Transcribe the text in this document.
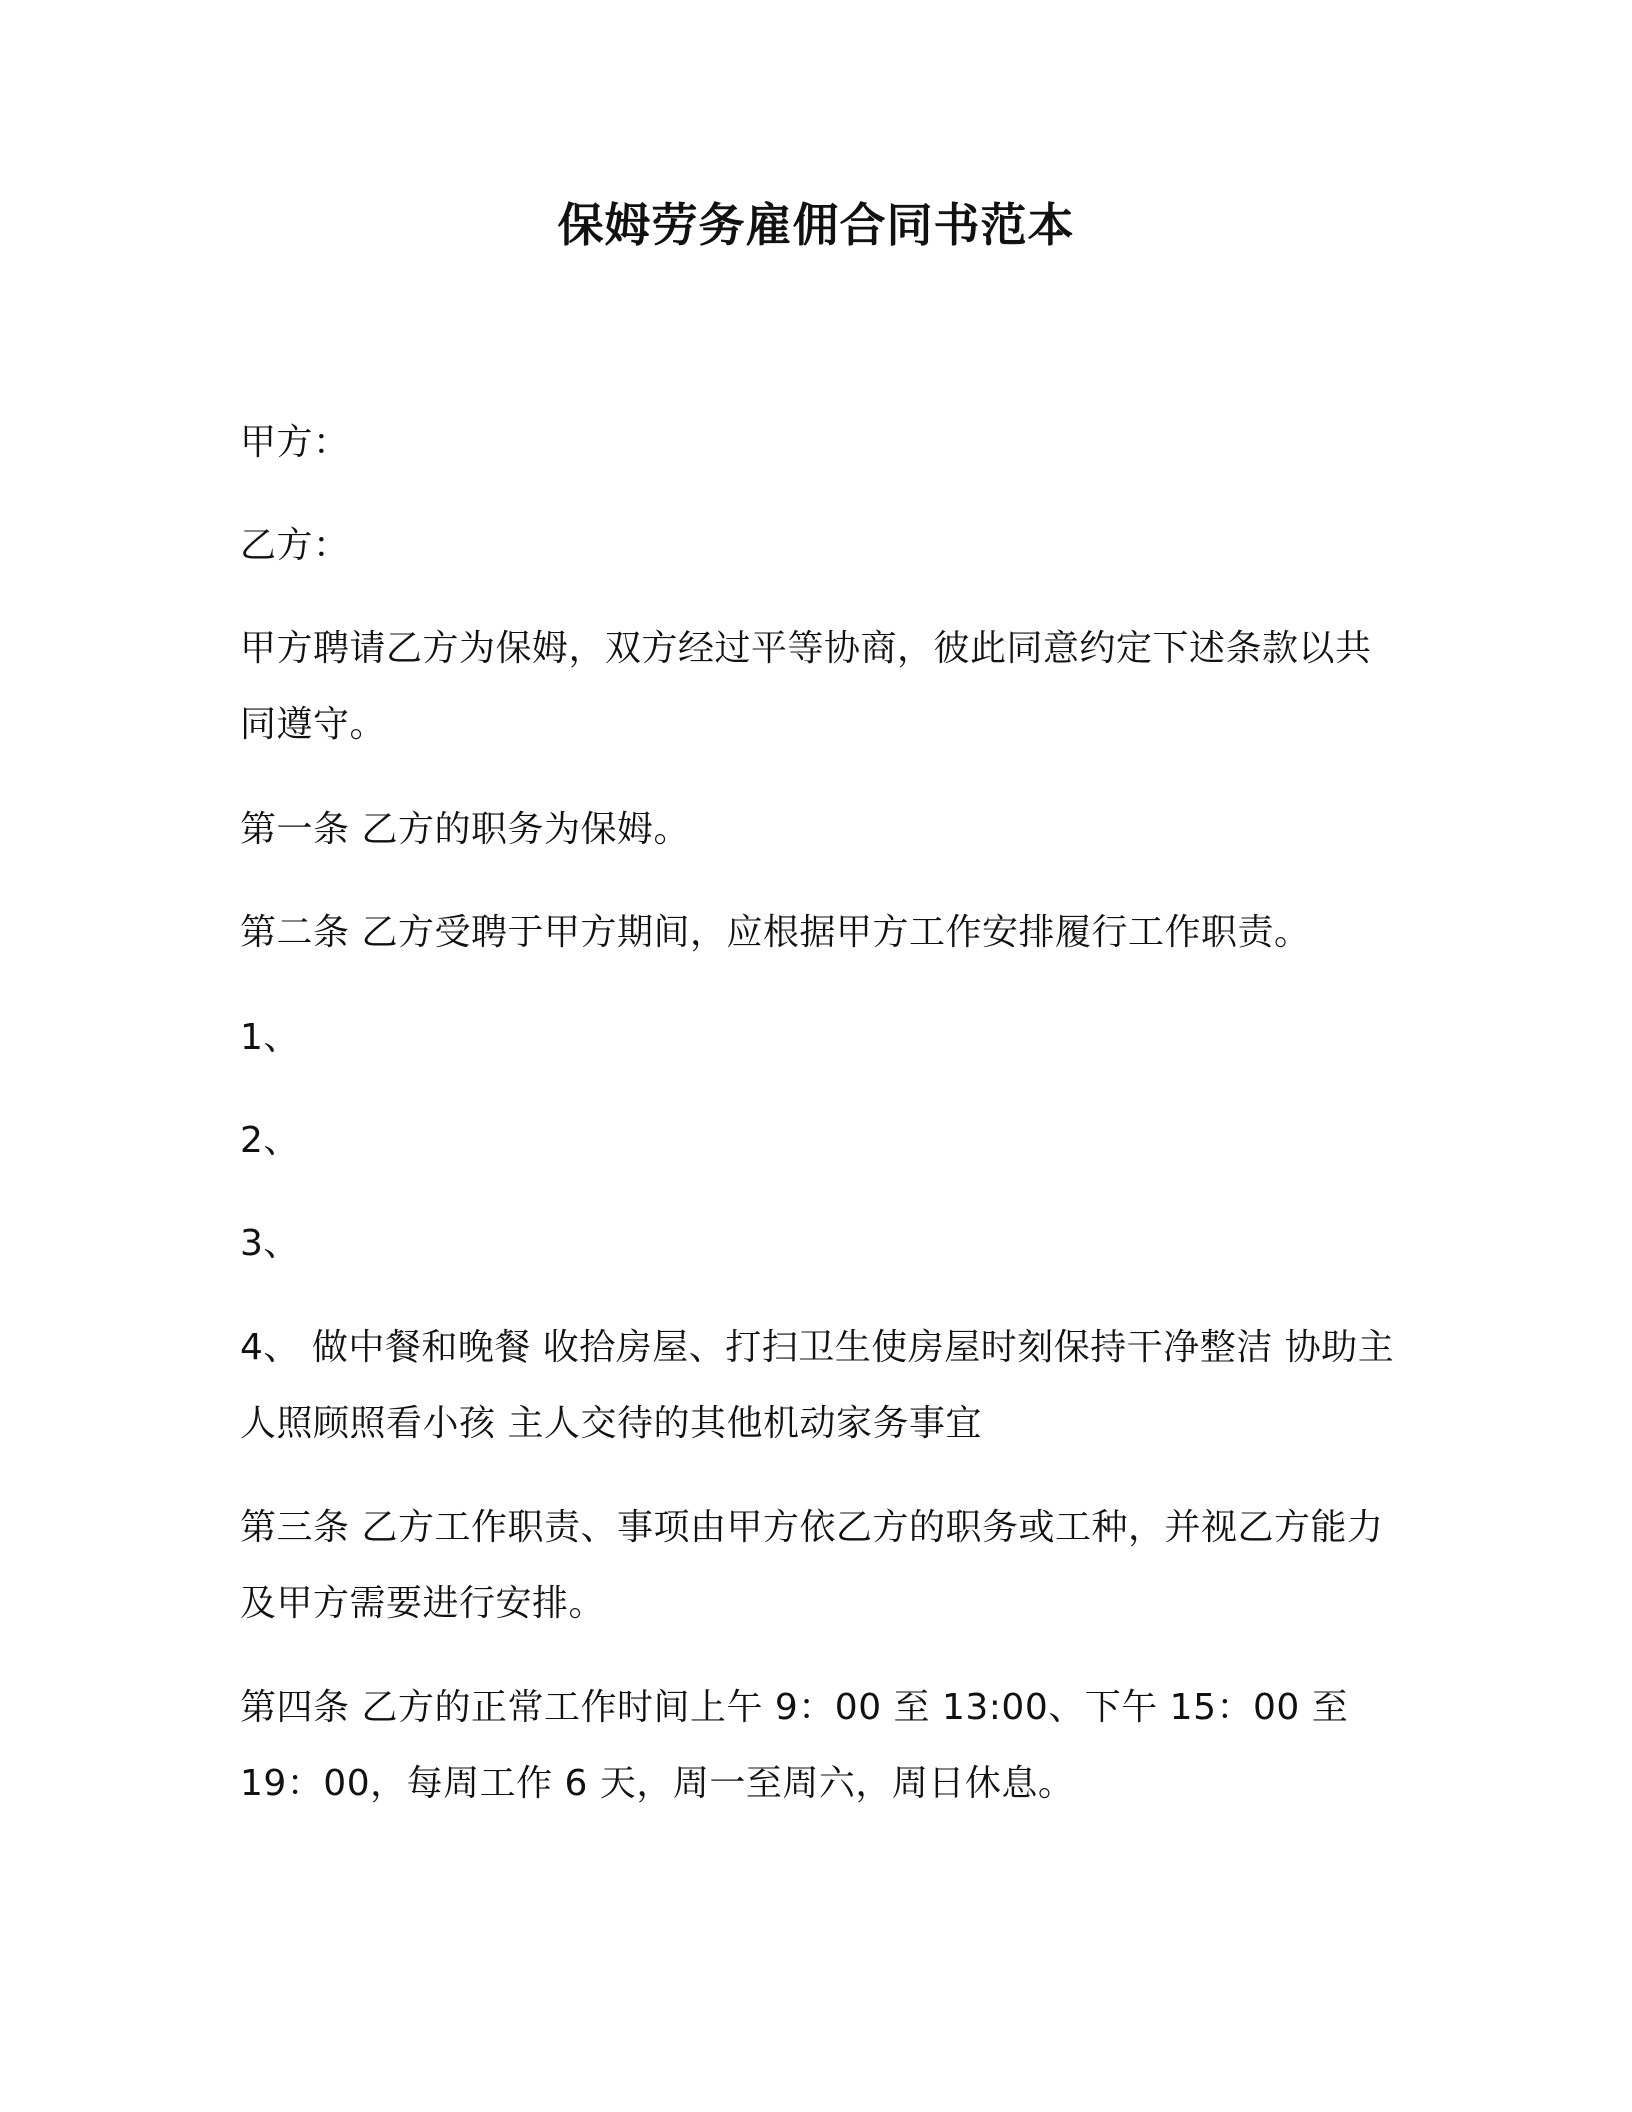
保姆劳务雇佣合同书范本
甲方：
乙方：
甲方聘请乙方为保姆，双方经过平等协商，彼此同意约定下述条款以共同遵守。
第一条 乙方的职务为保姆。
第二条 乙方受聘于甲方期间，应根据甲方工作安排履行工作职责。
1、
2、
3、
4、 做中餐和晚餐 收拾房屋、打扫卫生使房屋时刻保持干净整洁 协助主人照顾照看小孩 主人交待的其他机动家务事宜
第三条 乙方工作职责、事项由甲方依乙方的职务或工种，并视乙方能力及甲方需要进行安排。
第四条 乙方的正常工作时间上午 9：00 至 13:00、下午 15：00 至 19：00，每周工作 6 天，周一至周六，周日休息。
